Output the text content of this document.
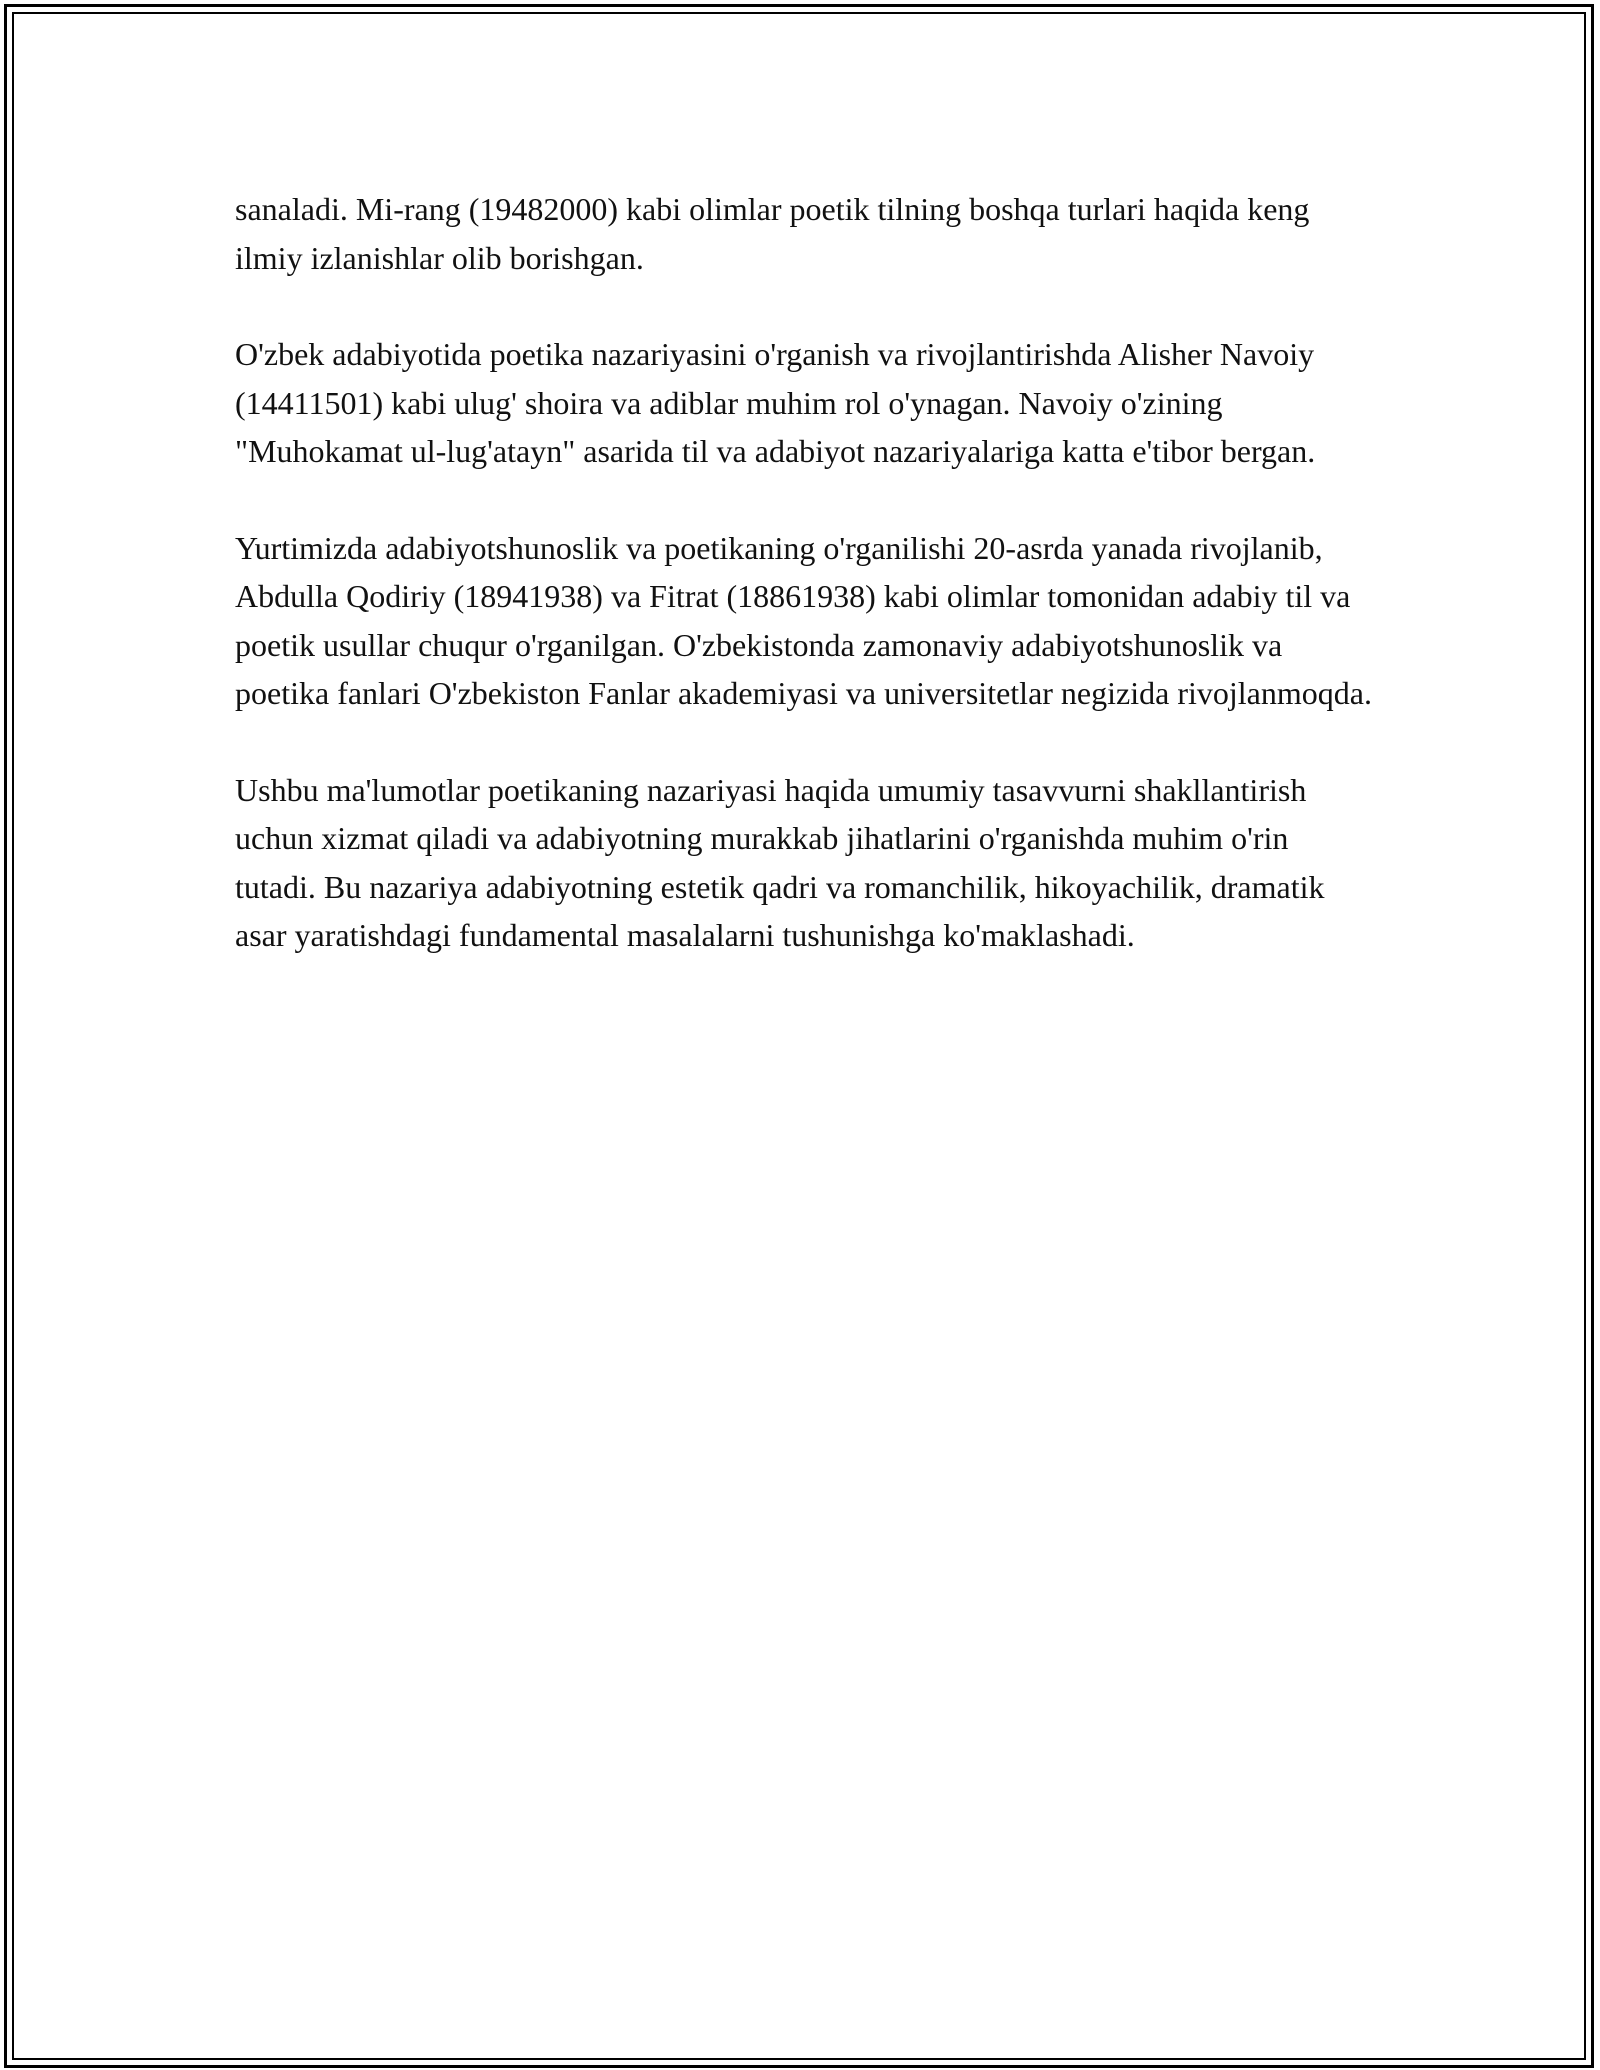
sanaladi. Mi-rang (19482000) kabi olimlar poetik tilning boshqa turlari haqida keng ilmiy izlanishlar olib borishgan.

O'zbek adabiyotida poetika nazariyasini o'rganish va rivojlantirishda Alisher Navoiy (14411501) kabi ulug' shoira va adiblar muhim rol o'ynagan. Navoiy o'zining "Muhokamat ul-lug'atayn" asarida til va adabiyot nazariyalariga katta e'tibor bergan.

Yurtimizda adabiyotshunoslik va poetikaning o'rganilishi 20-asrda yanada rivojlanib, Abdulla Qodiriy (18941938) va Fitrat (18861938) kabi olimlar tomonidan adabiy til va poetik usullar chuqur o'rganilgan. O'zbekistonda zamonaviy adabiyotshunoslik va poetika fanlari O'zbekiston Fanlar akademiyasi va universitetlar negizida rivojlanmoqda.

Ushbu ma'lumotlar poetikaning nazariyasi haqida umumiy tasavvurni shakllantirish uchun xizmat qiladi va adabiyotning murakkab jihatlarini o'rganishda muhim o'rin tutadi. Bu nazariya adabiyotning estetik qadri va romanchilik, hikoyachilik, dramatik asar yaratishdagi fundamental masalalarni tushunishga ko'maklashadi.
